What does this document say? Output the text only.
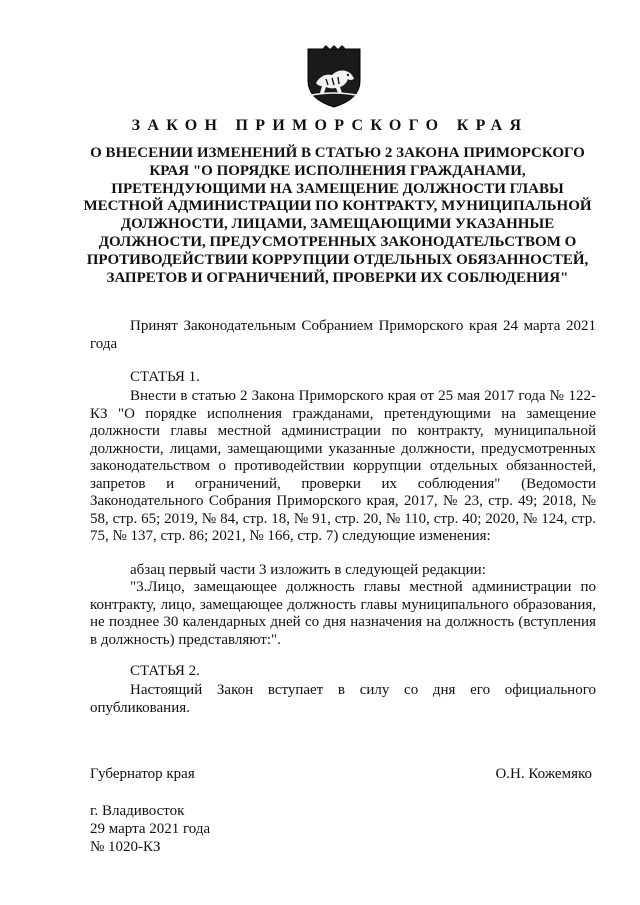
ЗАКОН ПРИМОРСКОГО КРАЯ
О ВНЕСЕНИИ ИЗМЕНЕНИЙ В СТАТЬЮ 2 ЗАКОНА ПРИМОРСКОГО КРАЯ "О ПОРЯДКЕ ИСПОЛНЕНИЯ ГРАЖДАНАМИ, ПРЕТЕНДУЮЩИМИ НА ЗАМЕЩЕНИЕ ДОЛЖНОСТИ ГЛАВЫ МЕСТНОЙ АДМИНИСТРАЦИИ ПО КОНТРАКТУ, МУНИЦИПАЛЬНОЙ ДОЛЖНОСТИ, ЛИЦАМИ, ЗАМЕЩАЮЩИМИ УКАЗАННЫЕ ДОЛЖНОСТИ, ПРЕДУСМОТРЕННЫХ ЗАКОНОДАТЕЛЬСТВОМ О ПРОТИВОДЕЙСТВИИ КОРРУПЦИИ ОТДЕЛЬНЫХ ОБЯЗАННОСТЕЙ, ЗАПРЕТОВ И ОГРАНИЧЕНИЙ, ПРОВЕРКИ ИХ СОБЛЮДЕНИЯ"

Принят Законодательным Собранием Приморского края 24 марта 2021 года

СТАТЬЯ 1.

Внести в статью 2 Закона Приморского края от 25 мая 2017 года № 122-КЗ "О порядке исполнения гражданами, претендующими на замещение должности главы местной администрации по контракту, муниципальной должности, лицами, замещающими указанные должности, предусмотренных законодательством о противодействии коррупции отдельных обязанностей, запретов и ограничений, проверки их соблюдения" (Ведомости Законодательного Собрания Приморского края, 2017, № 23, стр. 49; 2018, № 58, стр. 65; 2019, № 84, стр. 18, № 91, стр. 20, № 110, стр. 40; 2020, № 124, стр. 75, № 137, стр. 86; 2021, № 166, стр. 7) следующие изменения:

абзац первый части 3 изложить в следующей редакции:

"3.Лицо, замещающее должность главы местной администрации по контракту, лицо, замещающее должность главы муниципального образования, не позднее 30 календарных дней со дня назначения на должность (вступления в должность) представляют:".

СТАТЬЯ 2.

Настоящий Закон вступает в силу со дня его официального опубликования.

Губернатор края	О.Н. Кожемяко

г. Владивосток

29 марта 2021 года

№ 1020-КЗ
